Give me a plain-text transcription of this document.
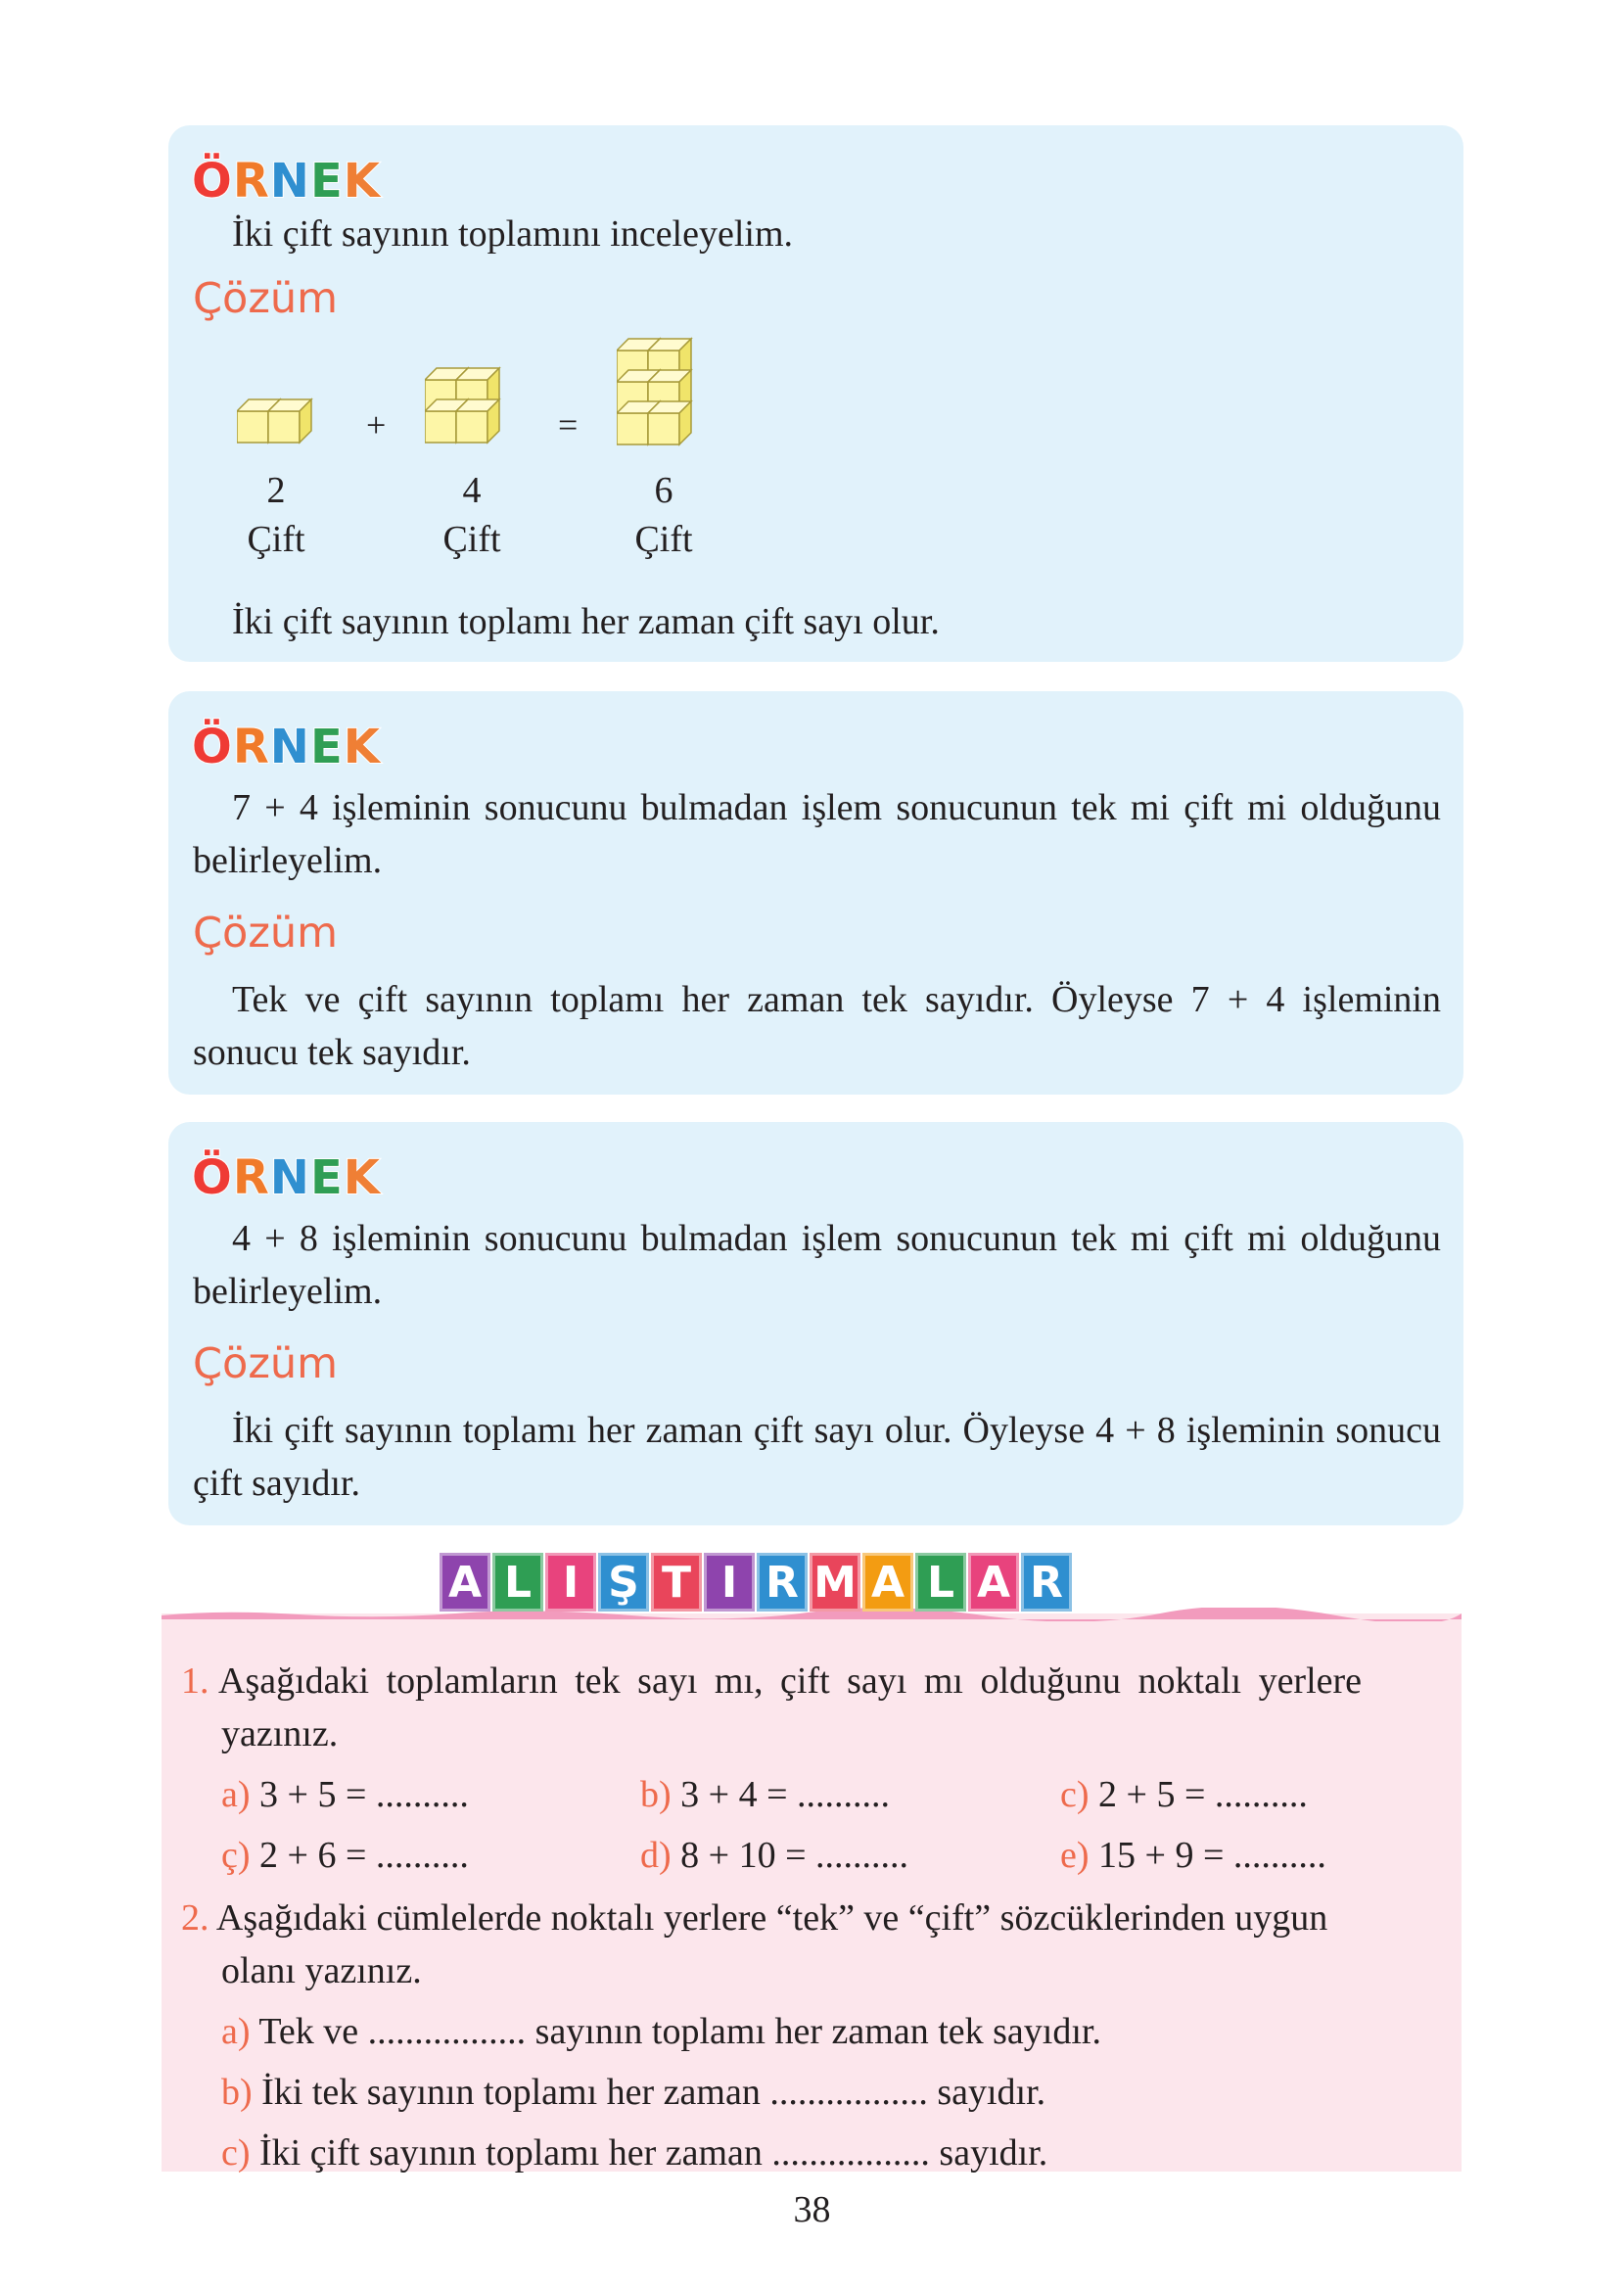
Ö R N E K
İki çift sayının toplamını inceleyelim.
Çözüm
+	=
2
Çift
4
Çift
6
Çift
İki çift sayının toplamı her zaman çift sayı olur.
Ö R N E K

7 + 4 işleminin sonucunu bulmadan işlem sonucunun tek mi çift mi olduğunu belirleyelim.

Çözüm

Tek ve çift sayının toplamı her zaman tek sayıdır. Öyleyse 7 + 4 işleminin sonucu tek sayıdır.

Ö R N E K

4 + 8 işleminin sonucunu bulmadan işlem sonucunun tek mi çift mi olduğunu belirleyelim.

Çözüm

İki çift sayının toplamı her zaman çift sayı olur. Öyleyse 4 + 8 işleminin sonucu çift sayıdır.

1. Aşağıdaki toplamların tek sayı mı, çift sayı mı olduğunu noktalı yerlere
yazınız.
a) 3 + 5 = ..........	b) 3 + 4 = ..........	c) 2 + 5 = ..........
ç) 2 + 6 = ..........	d) 8 + 10 = ..........	e) 15 + 9 = ..........
2. Aşağıdaki cümlelerde noktalı yerlere “tek” ve “çift” sözcüklerinden uygun
olanı yazınız.
a) Tek ve ................. sayının toplamı her zaman tek sayıdır.
b) İki tek sayının toplamı her zaman ................. sayıdır.
c) İki çift sayının toplamı her zaman ................. sayıdır.
A L I Ş T I R M A L A R
38
